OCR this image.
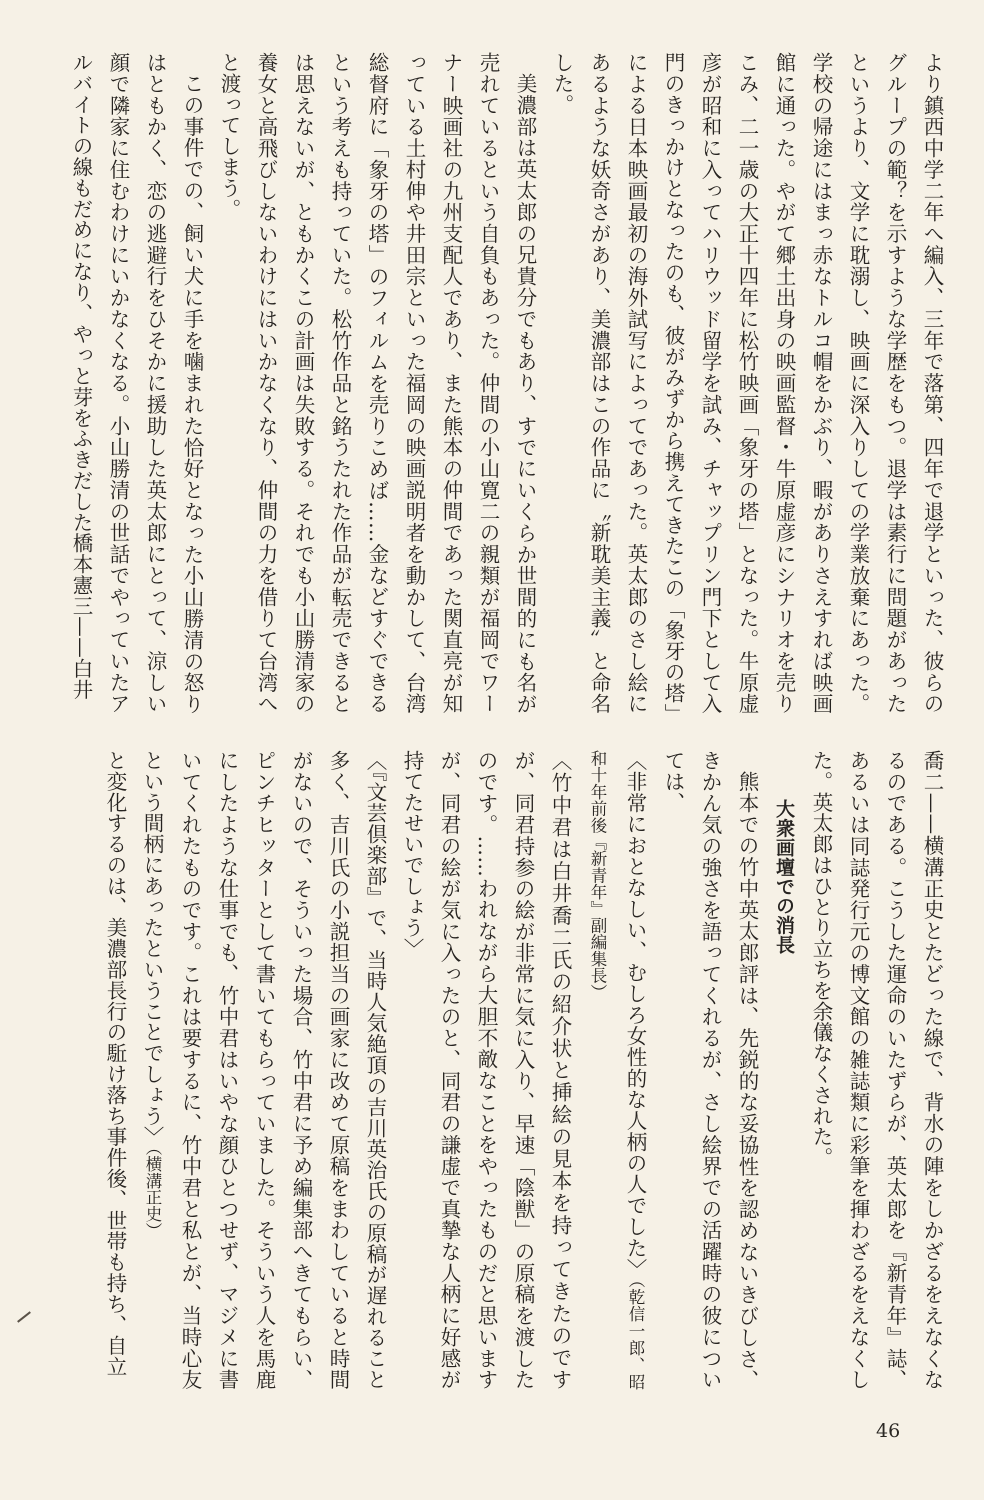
より鎮西中学二年へ編入、三年で落第、四年で退学といった、彼らのグループの範？を示すような学歴をもつ。退学は素行に問題があったというより、文学に耽溺し、映画に深入りしての学業放棄にあった。学校の帰途にはまっ赤なトルコ帽をかぶり、暇がありさえすれば映画館に通った。やがて郷土出身の映画監督・牛原虚彦にシナリオを売りこみ、二一歳の大正十四年に松竹映画「象牙の塔」となった。牛原虚彦が昭和に入ってハリウッド留学を試み、チャップリン門下として入門のきっかけとなったのも、彼がみずから携えてきたこの「象牙の塔」による日本映画最初の海外試写によってであった。英太郎のさし絵にあるような妖奇さがあり、美濃部はこの作品に〝新耽美主義〟と命名した。

美濃部は英太郎の兄貴分でもあり、すでにいくらか世間的にも名が売れているという自負もあった。仲間の小山寛二の親類が福岡でワーナー映画社の九州支配人であり、また熊本の仲間であった関直亮が知っている土村伸や井田宗といった福岡の映画説明者を動かして、台湾総督府に「象牙の塔」のフィルムを売りこめば……金などすぐできるという考えも持っていた。松竹作品と銘うたれた作品が転売できるとは思えないが、ともかくこの計画は失敗する。それでも小山勝清家の養女と高飛びしないわけにはいかなくなり、仲間の力を借りて台湾へと渡ってしまう。

この事件での、飼い犬に手を噛まれた恰好となった小山勝清の怒りはともかく、恋の逃避行をひそかに援助した英太郎にとって、涼しい顔で隣家に住むわけにいかなくなる。小山勝清の世話でやっていたアルバイトの線もだめになり、やっと芽をふきだした橋本憲三——白井

喬二——横溝正史とたどった線で、背水の陣をしかざるをえなくなるのである。こうした運命のいたずらが、英太郎を『新青年』誌、あるいは同誌発行元の博文館の雑誌類に彩筆を揮わざるをえなくした。英太郎はひとり立ちを余儀なくされた。

大衆画壇での消長

熊本での竹中英太郎評は、先鋭的な妥協性を認めないきびしさ、きかん気の強さを語ってくれるが、さし絵界での活躍時の彼については、

〈非常におとなしい、むしろ女性的な人柄の人でした〉（乾信一郎、昭和十年前後『新青年』副編集長）

〈竹中君は白井喬二氏の紹介状と挿絵の見本を持ってきたのですが、同君持参の絵が非常に気に入り、早速「陰獣」の原稿を渡したのです。……われながら大胆不敵なことをやったものだと思いますが、同君の絵が気に入ったのと、同君の謙虚で真摯な人柄に好感が持てたせいでしょう〉

〈『文芸倶楽部』で、当時人気絶頂の吉川英治氏の原稿が遅れること多く、吉川氏の小説担当の画家に改めて原稿をまわしていると時間がないので、そういった場合、竹中君に予め編集部へきてもらい、ピンチヒッターとして書いてもらっていました。そういう人を馬鹿にしたような仕事でも、竹中君はいやな顔ひとつせず、マジメに書いてくれたものです。これは要するに、竹中君と私とが、当時心友という間柄にあったということでしょう〉（横溝正史）

と変化するのは、美濃部長行の駈け落ち事件後、世帯も持ち、自立

46
